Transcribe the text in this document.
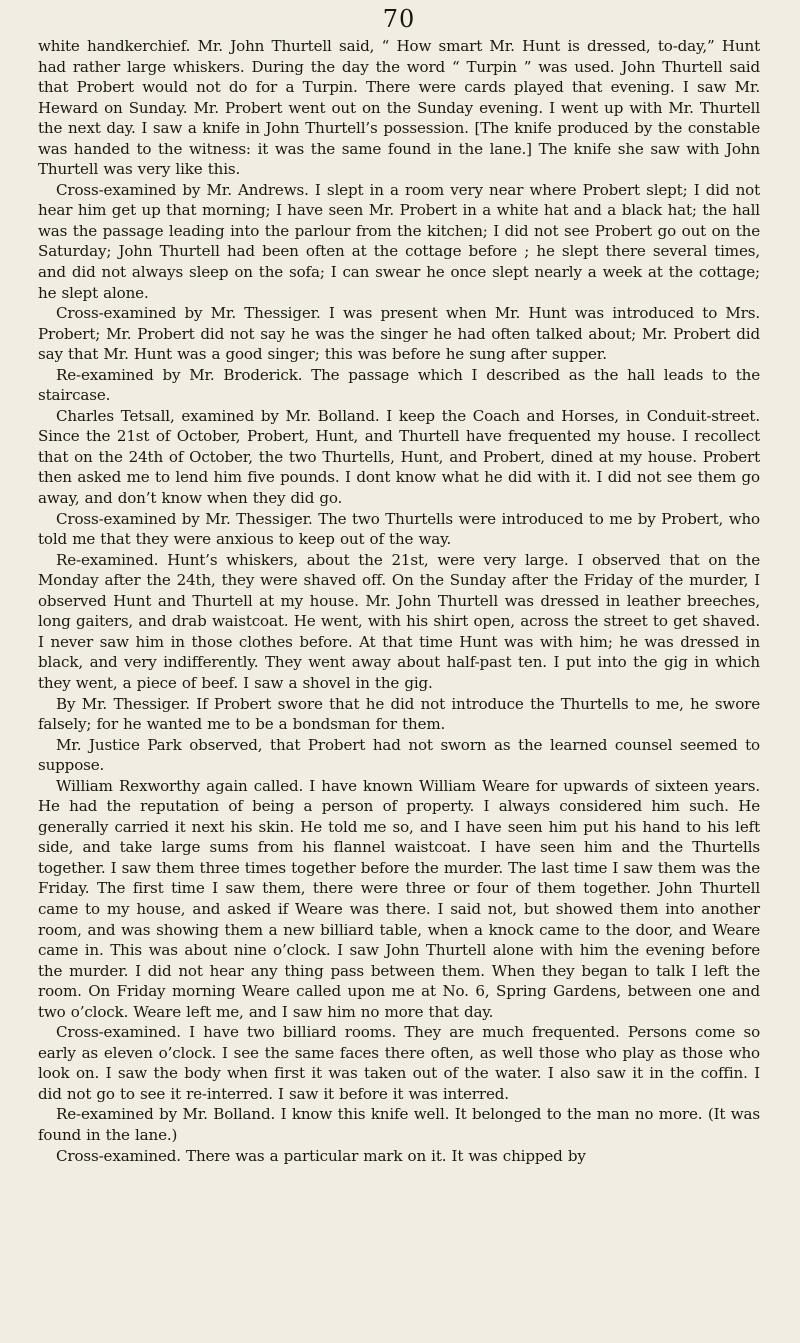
70

white handkerchief. Mr. John Thurtell said, “ How smart Mr. Hunt is dressed, to-day,” Hunt had rather large whiskers. During the day the word “ Turpin ” was used. John Thurtell said that Probert would not do for a Turpin. There were cards played that evening. I saw Mr. Heward on Sunday. Mr. Probert went out on the Sunday evening. I went up with Mr. Thurtell the next day. I saw a knife in John Thurtell’s possession. [The knife produced by the constable was handed to the witness: it was the same found in the lane.] The knife she saw with John Thurtell was very like this.

Cross-examined by Mr. Andrews. I slept in a room very near where Probert slept; I did not hear him get up that morning; I have seen Mr. Probert in a white hat and a black hat; the hall was the passage leading into the parlour from the kitchen; I did not see Probert go out on the Saturday; John Thurtell had been often at the cottage before ; he slept there several times, and did not always sleep on the sofa; I can swear he once slept nearly a week at the cottage; he slept alone.

Cross-examined by Mr. Thessiger. I was present when Mr. Hunt was introduced to Mrs. Probert; Mr. Probert did not say he was the singer he had often talked about; Mr. Probert did say that Mr. Hunt was a good singer; this was before he sung after supper.

Re-examined by Mr. Broderick. The passage which I described as the hall leads to the staircase.

Charles Tetsall, examined by Mr. Bolland. I keep the Coach and Horses, in Conduit-street. Since the 21st of October, Probert, Hunt, and Thurtell have frequented my house. I recollect that on the 24th of October, the two Thurtells, Hunt, and Probert, dined at my house. Probert then asked me to lend him five pounds. I dont know what he did with it. I did not see them go away, and don’t know when they did go.

Cross-examined by Mr. Thessiger. The two Thurtells were introduced to me by Probert, who told me that they were anxious to keep out of the way.

Re-examined. Hunt’s whiskers, about the 21st, were very large. I observed that on the Monday after the 24th, they were shaved off. On the Sunday after the Friday of the murder, I observed Hunt and Thurtell at my house. Mr. John Thurtell was dressed in leather breeches, long gaiters, and drab waistcoat. He went, with his shirt open, across the street to get shaved. I never saw him in those clothes before. At that time Hunt was with him; he was dressed in black, and very indifferently. They went away about half-past ten. I put into the gig in which they went, a piece of beef. I saw a shovel in the gig.

By Mr. Thessiger. If Probert swore that he did not introduce the Thurtells to me, he swore falsely; for he wanted me to be a bondsman for them.

Mr. Justice Park observed, that Probert had not sworn as the learned counsel seemed to suppose.

William Rexworthy again called. I have known William Weare for upwards of sixteen years. He had the reputation of being a person of property. I always considered him such. He generally carried it next his skin. He told me so, and I have seen him put his hand to his left side, and take large sums from his flannel waistcoat. I have seen him and the Thurtells together. I saw them three times together before the murder. The last time I saw them was the Friday. The first time I saw them, there were three or four of them together. John Thurtell came to my house, and asked if Weare was there. I said not, but showed them into another room, and was showing them a new billiard table, when a knock came to the door, and Weare came in. This was about nine o’clock. I saw John Thurtell alone with him the evening before the murder. I did not hear any thing pass between them. When they began to talk I left the room. On Friday morning Weare called upon me at No. 6, Spring Gardens, between one and two o’clock. Weare left me, and I saw him no more that day.

Cross-examined. I have two billiard rooms. They are much frequented. Persons come so early as eleven o’clock. I see the same faces there often, as well those who play as those who look on. I saw the body when first it was taken out of the water. I also saw it in the coffin. I did not go to see it re-interred. I saw it before it was interred.

Re-examined by Mr. Bolland. I know this knife well. It belonged to the man no more. (It was found in the lane.)

Cross-examined. There was a particular mark on it. It was chipped by
